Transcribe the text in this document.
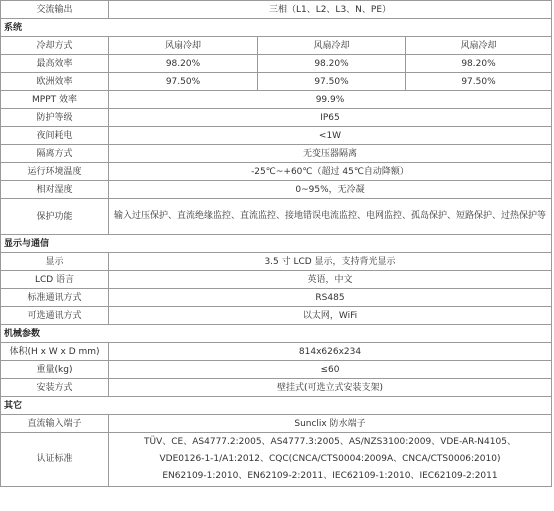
交流输出	三相（L1、L2、L3、N、PE）		
系统			
冷却方式	风扇冷却	风扇冷却	风扇冷却
最高效率	98.20%	98.20%	98.20%
欧洲效率	97.50%	97.50%	97.50%
MPPT 效率	99.9%		
防护等级	IP65		
夜间耗电	<1W		
隔离方式	无变压器隔离		
运行环境温度	-25℃~+60℃（超过 45℃自动降额）		
相对湿度	0~95%，无冷凝		
保护功能	输入过压保护、直流绝缘监控、直流监控、接地错误电流监控、电网监控、孤岛保护、短路保护、过热保护等		
显示与通信			
显示	3.5 寸 LCD 显示，支持背光显示		
LCD 语言	英语，中文		
标准通讯方式	RS485		
可选通讯方式	以太网，WiFi		
机械参数			
体积(H x W x D mm)	814x626x234		
重量(kg)	≤60		
安装方式	壁挂式(可选立式安装支架)		
其它			
直流输入端子	Sunclix 防水端子		
认证标准	TÜV、CE、AS4777.2:2005、AS4777.3:2005、AS/NZS3100:2009、VDE-AR-N4105、
VDE0126-1-1/A1:2012、CQC(CNCA/CTS0004:2009A、CNCA/CTS0006:2010)
EN62109-1:2010、EN62109-2:2011、IEC62109-1:2010、IEC62109-2:2011		
